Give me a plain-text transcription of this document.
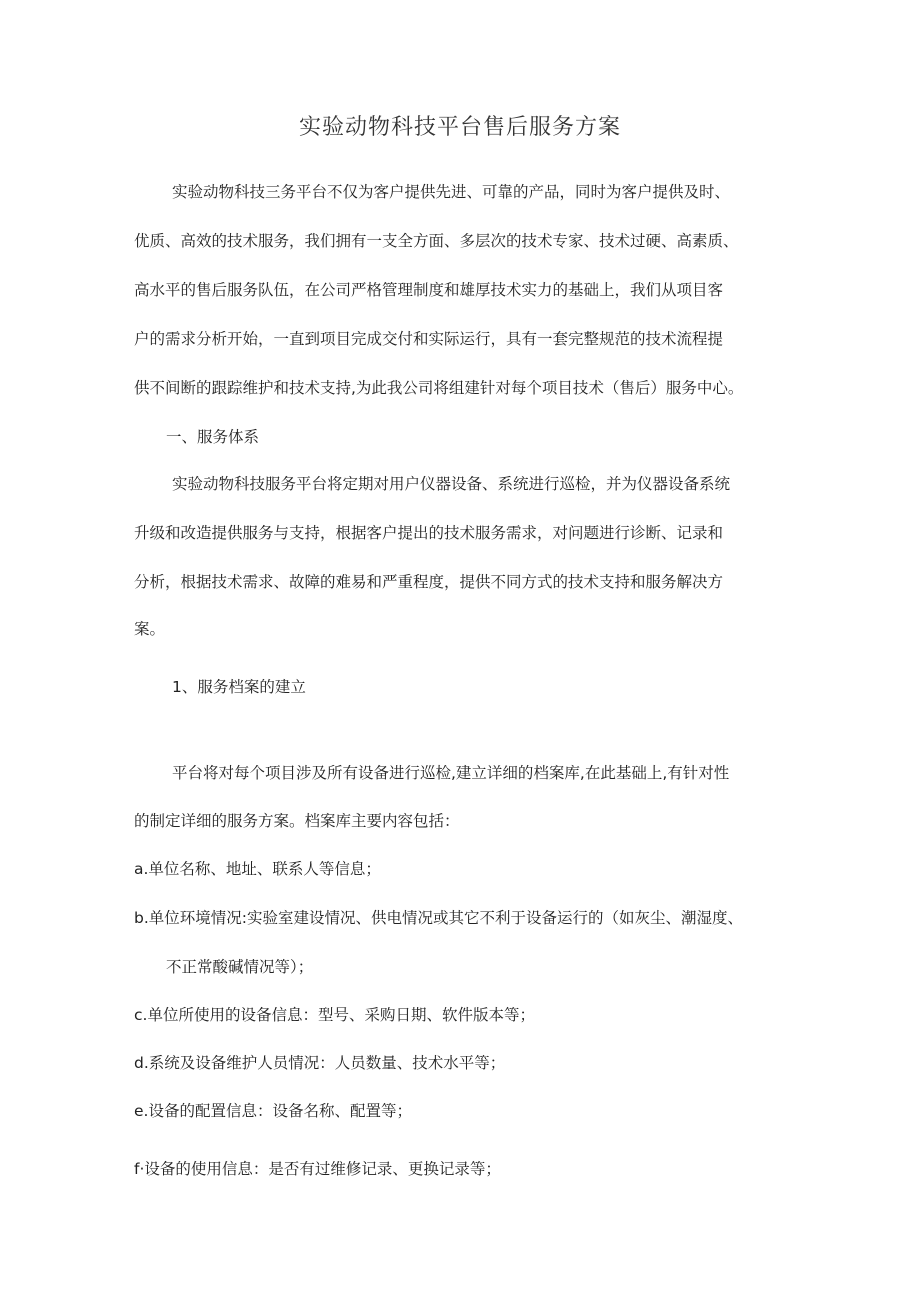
实验动物科技平台售后服务方案
实验动物科技三务平台不仅为客户提供先进、可靠的产品，同时为客户提供及时、
优质、高效的技术服务，我们拥有一支全方面、多层次的技术专家、技术过硬、高素质、
高水平的售后服务队伍，在公司严格管理制度和雄厚技术实力的基础上，我们从项目客
户的需求分析开始，一直到项目完成交付和实际运行，具有一套完整规范的技术流程提
供不间断的跟踪维护和技术支持,为此我公司将组建针对每个项目技术（售后）服务中心。
一、服务体系
实验动物科技服务平台将定期对用户仪器设备、系统进行巡检，并为仪器设备系统
升级和改造提供服务与支持，根据客户提出的技术服务需求，对问题进行诊断、记录和
分析，根据技术需求、故障的难易和严重程度，提供不同方式的技术支持和服务解决方
案。
1、服务档案的建立
平台将对每个项目涉及所有设备进行巡检,建立详细的档案库,在此基础上,有针对性
的制定详细的服务方案。档案库主要内容包括：
a.单位名称、地址、联系人等信息；
b.单位环境情况:实验室建设情况、供电情况或其它不利于设备运行的（如灰尘、潮湿度、
不正常酸碱情况等）；
c.单位所使用的设备信息：型号、采购日期、软件版本等；
d.系统及设备维护人员情况：人员数量、技术水平等；
e.设备的配置信息：设备名称、配置等；
f·设备的使用信息：是否有过维修记录、更换记录等；
